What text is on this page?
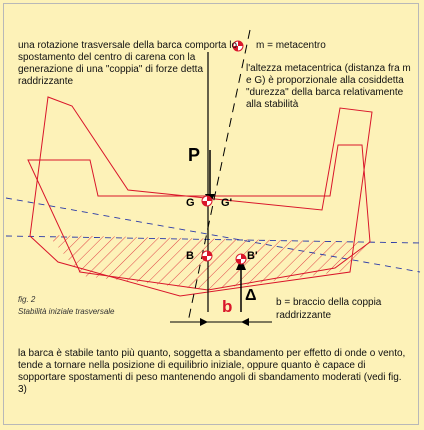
una rotazione trasversale della barca comporta lo spostamento del centro di carena con la generazione di una "coppia" di forze detta raddrizzante
m = metacentro
l'altezza metacentrica (distanza fra m e G) è proporzionale alla cosiddetta "durezza" della barca relativamente alla stabilità
P
G G'
B	B'
b
Δ
fig. 2
Stabilità iniziale trasversale
b = braccio della coppia raddrizzante
la barca è stabile tanto più quanto, soggetta a sbandamento per effetto di onde o vento, tende a tornare nella posizione di equilibrio iniziale, oppure quanto è capace di sopportare spostamenti di peso mantenendo angoli di sbandamento moderati (vedi fig. 3)
